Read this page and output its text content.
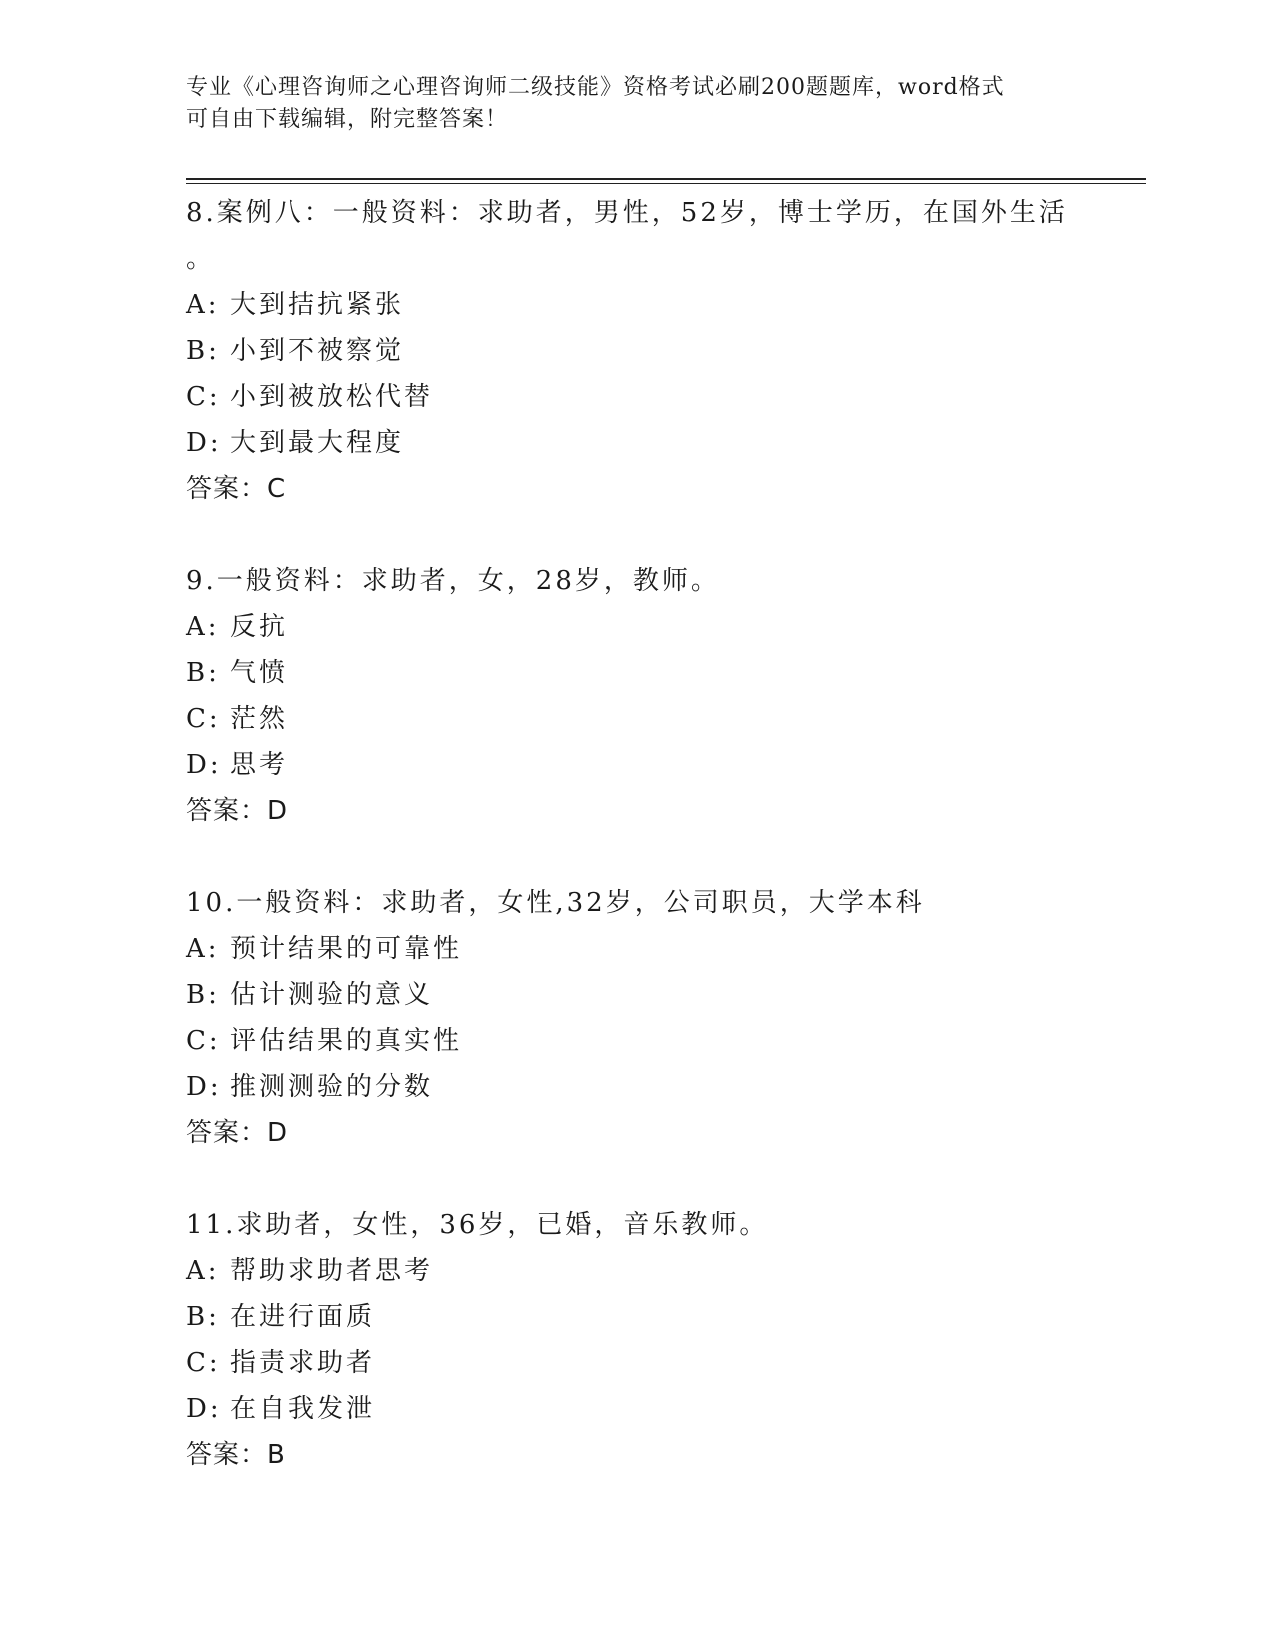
专业《心理咨询师之心理咨询师二级技能》资格考试必刷200题题库，word格式
可自由下载编辑，附完整答案！
8.案例八：一般资料：求助者，男性，52岁，博士学历，在国外生活
。
A: 大到拮抗紧张
B: 小到不被察觉
C: 小到被放松代替
D: 大到最大程度
答案：C
9.一般资料：求助者，女，28岁，教师。
A: 反抗
B: 气愤
C: 茫然
D: 思考
答案：D
10.一般资料：求助者，女性,32岁，公司职员，大学本科
A: 预计结果的可靠性
B: 估计测验的意义
C: 评估结果的真实性
D: 推测测验的分数
答案：D
11.求助者，女性，36岁，已婚，音乐教师。
A: 帮助求助者思考
B: 在进行面质
C: 指责求助者
D: 在自我发泄
答案：B
